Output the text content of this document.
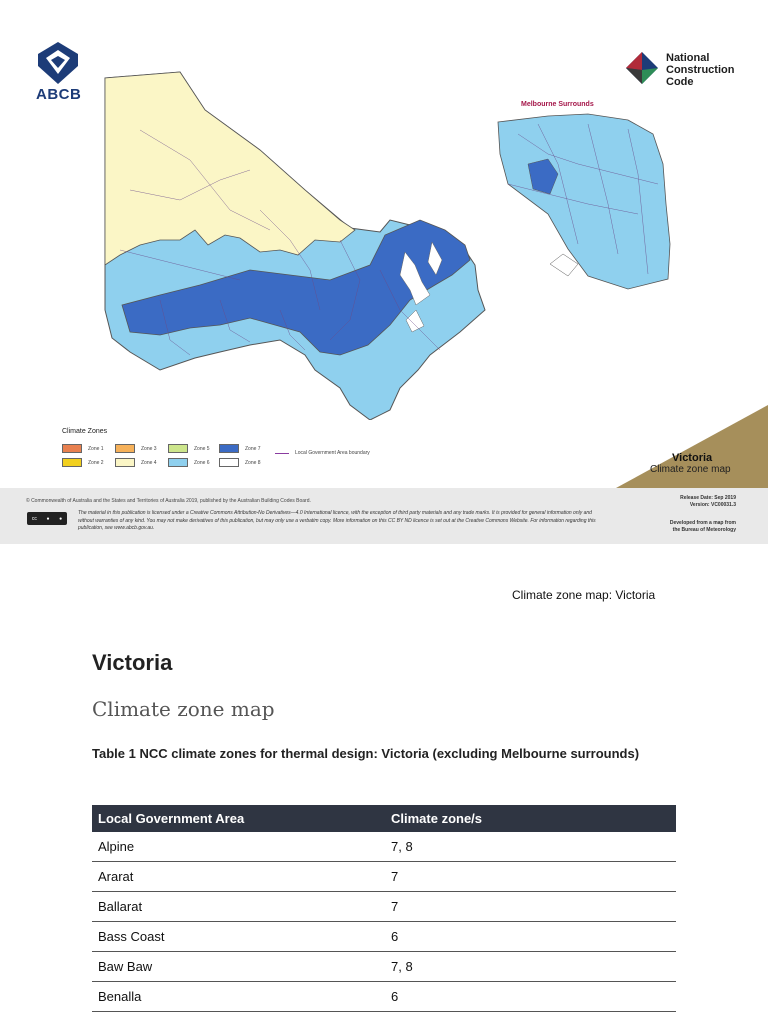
ABCB
National
Construction
Code
Melbourne Surrounds
Climate Zones
Zone 1
Zone 2
Zone 3
Zone 4
Zone 5
Zone 6
Zone 7
Zone 8
Local Government Area boundary	Victoria
Climate zone map
© Commonwealth of Australia and the States and Territories of Australia 2019, published by the Australian Building Codes Board.
cc ● ●
The material in this publication is licensed under a Creative Commons Attribution-No Derivatives—4.0 International licence, with the exception of third party materials and any trade marks. It is provided for general information only and without warranties of any kind. You may not make derivatives of this publication, but may only use a verbatim copy. More information on this CC BY ND licence is set out at the Creative Commons Website. For information regarding this publication, see www.abcb.gov.au.
Release Date: Sep 2019
Version: VC00031.3
Developed from a map from
the Bureau of Meteorology
Climate zone map: Victoria
Victoria
Climate zone map
Table 1 NCC climate zones for thermal design: Victoria (excluding Melbourne surrounds)
Local Government Area	Climate zone/s
Alpine	7, 8
Ararat	7
Ballarat	7
Bass Coast	6
Baw Baw	7, 8
Benalla	6
